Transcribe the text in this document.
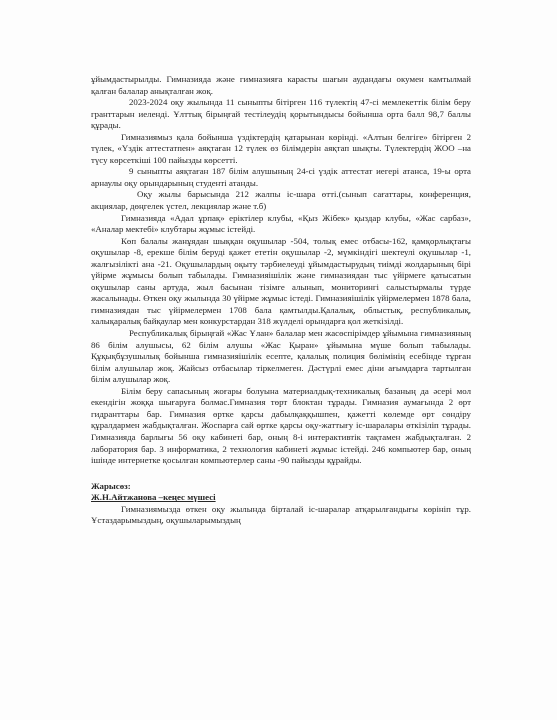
ұйымдастырылды. Гимназияда және гимназияға карасты шағын аудандағы окумен камтылмай қалған балалар анықталған жоқ.

2023-2024 оқу жылында 11 сыныпты бітірген 116 түлектің 47-сі мемлекеттік білім беру гранттарын иеленді. Ұлттық бірыңғай тестілеудің қорытындысы бойынша орта балл 98,7 баллы құрады.

Гимназиямыз қала бойынша үздіктердің қатарынан көрінді. «Алтын белгіге» бітірген 2 түлек, «Үздік аттестатпен» аяқтаған 12 түлек өз білімдерін аяқтап шықты. Түлектердің ЖОО –на түсу көрсеткіші 100 пайызды көрсетті.

9 сыныпты аяқтаған 187 білім алушының 24-сі үздік аттестат иегері атанса, 19-ы орта арнаулы оқу орындарының студенті атанды.

Оқу жылы барысында 212 жалпы іс-шара өтті.(сынып сағаттары, конференция, акциялар, дөңгелек үстел, лекциялар және т.б)

Гимназияда «Адал ұрпақ» еріктілер клубы, «Қыз Жібек» қыздар клубы, «Жас сарбаз», «Аналар мектебі» клубтары жұмыс істейді.

Көп балалы жанұядан шыққан оқушылар -504, толық емес отбасы-162, қамқорлықтағы оқушылар -8, ерекше білім беруді қажет ететін оқушылар -2, мүмкіндігі шектеулі оқушылар -1, жалғызілікті ана -21. Оқушылардың оқыту тәрбиелеуді ұйымдастырудың тиімді жолдарының бірі үйірме жұмысы болып табылады. Гимназияішілік және гимназиядан тыс үйірмеге қатысатын оқушылар саны артуда, жыл басынан тізімге алынып, мониторингі салыстырмалы түрде жасалынады. Өткен оқу жылында 30 үйірме жұмыс істеді. Гимназияішілік үйірмелермен 1878 бала, гимназиядан тыс үйірмелермен 1708 бала қамтылды.Қалалық, облыстық, республикалық, халықаралық байқаулар мен конкурстардан 318 жүлделі орындарға қол жеткізілді.

Республикалық бірыңғай «Жас Ұлан» балалар мен жасөспірімдер ұйымына гимназияның 86 білім алушысы, 62 білім алушы «Жас Қыран» ұйымына мүше болып табылады. Құқықбұзушылық бойынша гимназияішілік есепте, қалалық полиция бөлімінің есебінде тұрған білім алушылар жоқ. Жайсыз отбасылар тіркелмеген. Дәстүрлі емес діни ағымдарға тартылған білім алушылар жоқ.

Білім беру сапасының жоғары болуына материалдық-техникалық базаның да әсері мол екендігін жоққа шығаруға болмас.Гимназия төрт блоктан тұрады. Гимназия аумағында 2 өрт гидранттары бар. Гимназия өртке қарсы дабылқаққышпен, қажетті көлемде өрт сөндіру құралдармен жабдықталған. Жоспарға сай өртке қарсы оқу-жаттығу іс-шаралары өткізіліп тұрады. Гимназияда барлығы 56 оқу кабинеті бар, оның 8-і интерактивтік тақтамен жабдықталған. 2 лаборатория бар. 3 информатика, 2 технология кабинеті жұмыс істейді. 246 компьютер бар, оның ішінде интернетке қосылған компьютерлер саны -90 пайызды құрайды.

Жарысөз:

Ж.Н.Айтжанова –кеңес мүшесі

Гимназиямызда өткен оқу жылында бірталай іс-шаралар атқарылғандығы көрініп тұр. Ұстаздарымыздың, оқушыларымыздың
